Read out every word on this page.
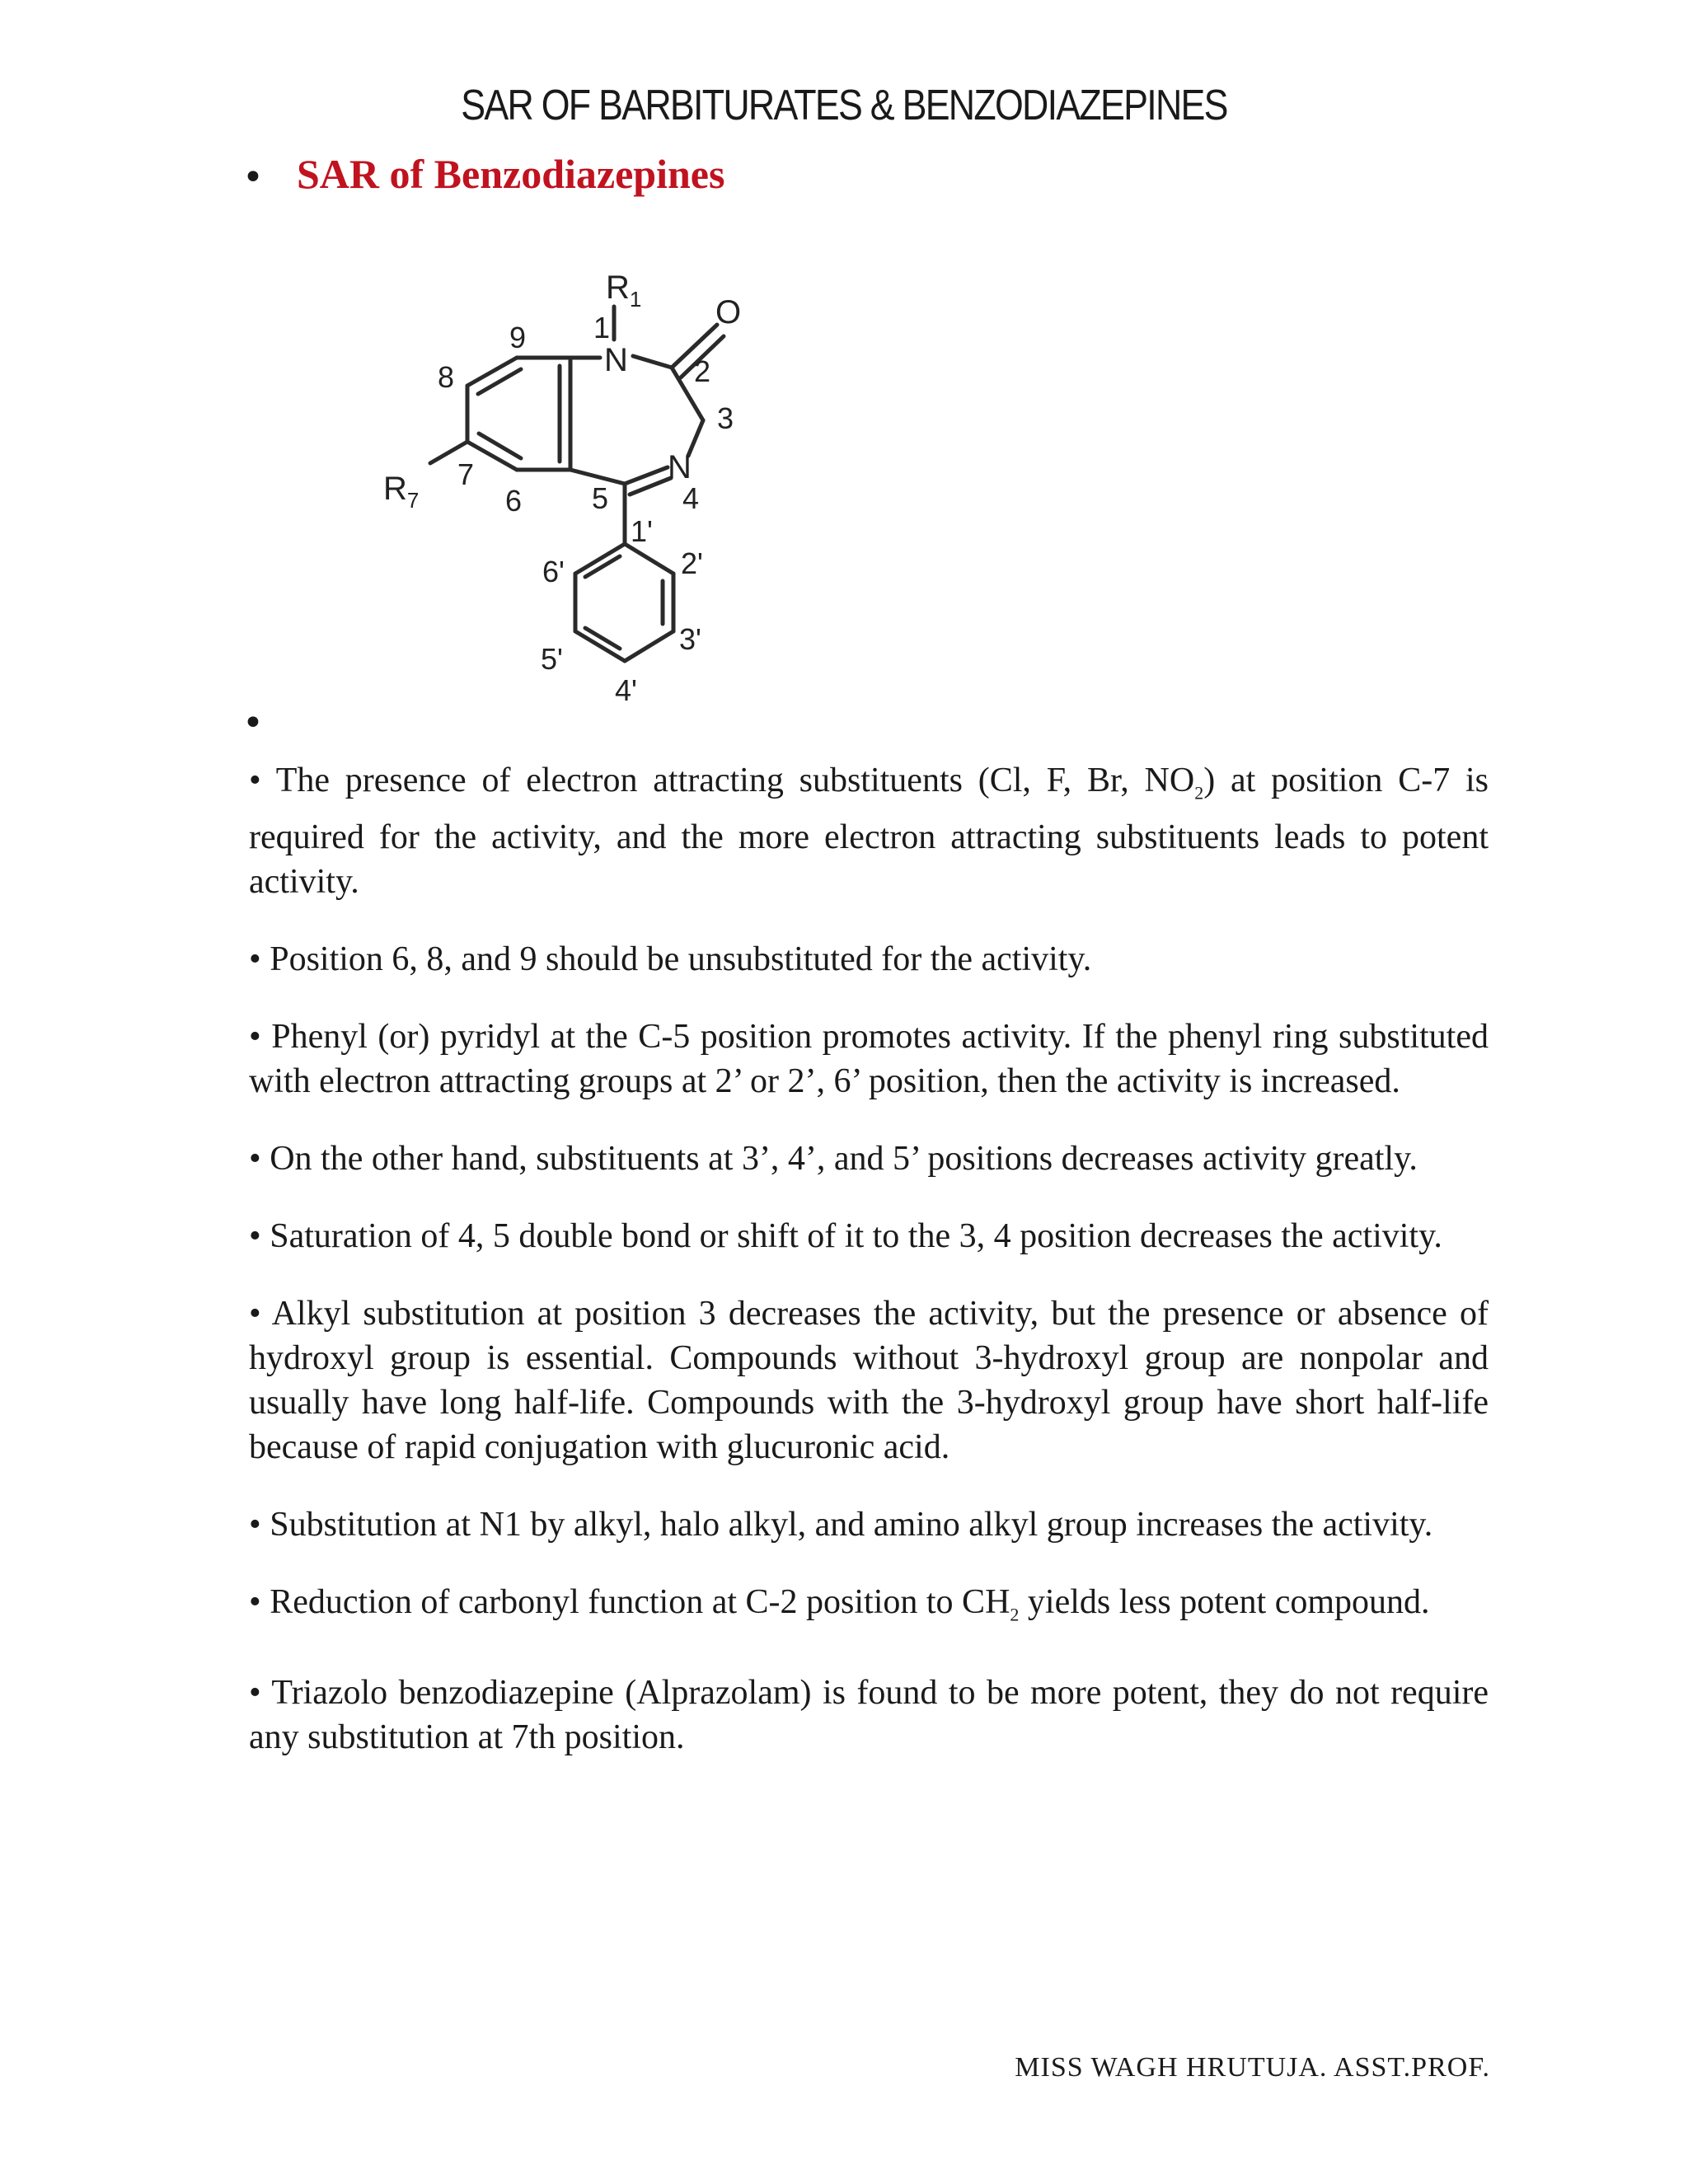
SAR OF BARBITURATES & BENZODIAZEPINES
• SAR of Benzodiazepines
$R_1$ O
N
N
$R_7$
1
2
3
4
5
6
7
8
9
1'
2'
3'
4'
5'
6'
•

• The presence of electron attracting substituents (Cl, F, Br, $NO_2$) at position C-7 is required for the activity, and the more electron attracting substituents leads to potent activity.

• Position 6, 8, and 9 should be unsubstituted for the activity.

• Phenyl (or) pyridyl at the C-5 position promotes activity. If the phenyl ring substituted with electron attracting groups at 2’ or 2’, 6’ position, then the activity is increased.

• On the other hand, substituents at 3’, 4’, and 5’ positions decreases activity greatly.

• Saturation of 4, 5 double bond or shift of it to the 3, 4 position decreases the activity.

• Alkyl substitution at position 3 decreases the activity, but the presence or absence of hydroxyl group is essential. Compounds without 3-hydroxyl group are nonpolar and usually have long half-life. Compounds with the 3-hydroxyl group have short half-life because of rapid conjugation with glucuronic acid.

• Substitution at N1 by alkyl, halo alkyl, and amino alkyl group increases the activity.

• Reduction of carbonyl function at C-2 position to $CH_2$ yields less potent compound.

• Triazolo benzodiazepine (Alprazolam) is found to be more potent, they do not require any substitution at 7th position.

MISS WAGH HRUTUJA. ASST.PROF.
